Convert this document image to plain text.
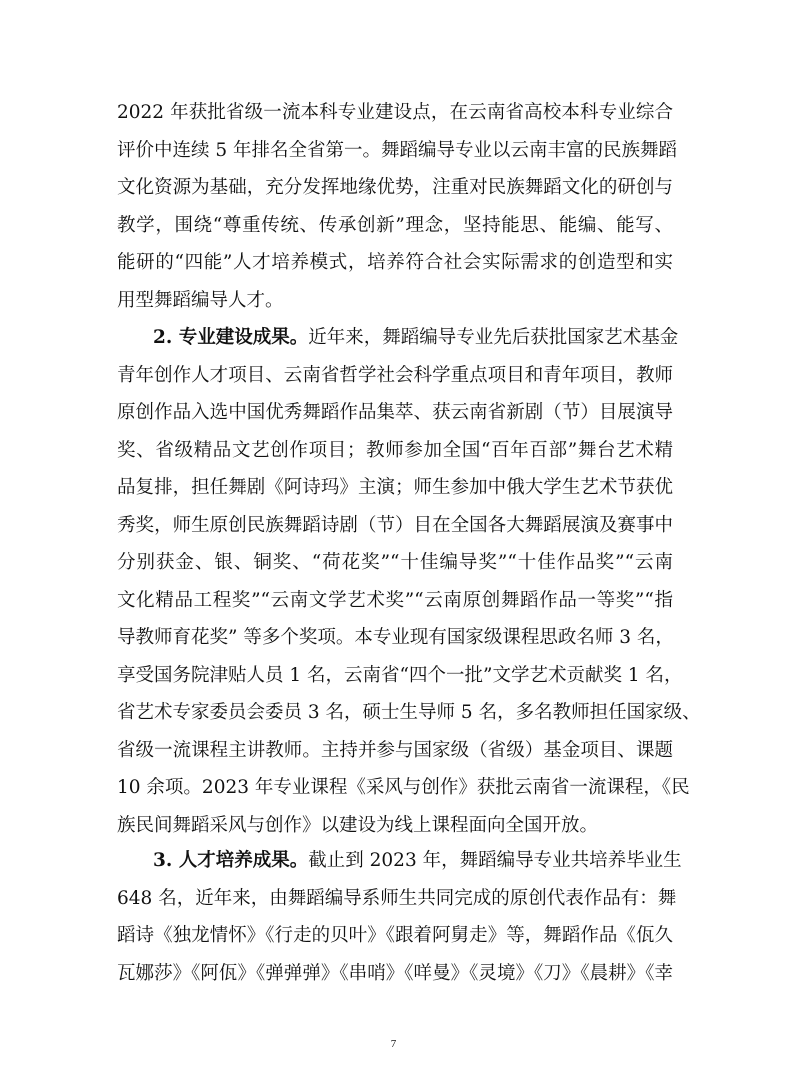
2022 年获批省级一流本科专业建设点，在云南省高校本科专业综合
评价中连续 5 年排名全省第一。舞蹈编导专业以云南丰富的民族舞蹈
文化资源为基础，充分发挥地缘优势，注重对民族舞蹈文化的研创与
教学，围绕“尊重传统、传承创新”理念，坚持能思、能编、能写、
能研的“四能”人才培养模式，培养符合社会实际需求的创造型和实
用型舞蹈编导人才。
2. 专业建设成果。近年来，舞蹈编导专业先后获批国家艺术基金
青年创作人才项目、云南省哲学社会科学重点项目和青年项目，教师
原创作品入选中国优秀舞蹈作品集萃、获云南省新剧（节）目展演导
奖、省级精品文艺创作项目；教师参加全国“百年百部”舞台艺术精
品复排，担任舞剧《阿诗玛》主演；师生参加中俄大学生艺术节获优
秀奖，师生原创民族舞蹈诗剧（节）目在全国各大舞蹈展演及赛事中
分别获金、银、铜奖、“荷花奖”“十佳编导奖”“十佳作品奖”“云南
文化精品工程奖”“云南文学艺术奖”“云南原创舞蹈作品一等奖”“指
导教师育花奖” 等多个奖项。本专业现有国家级课程思政名师 3 名，
享受国务院津贴人员 1 名，云南省“四个一批”文学艺术贡献奖 1 名，
省艺术专家委员会委员 3 名，硕士生导师 5 名，多名教师担任国家级、
省级一流课程主讲教师。主持并参与国家级（省级）基金项目、课题
10 余项。2023 年专业课程《采风与创作》获批云南省一流课程，《民
族民间舞蹈采风与创作》以建设为线上课程面向全国开放。
3. 人才培养成果。截止到 2023 年，舞蹈编导专业共培养毕业生
648 名，近年来，由舞蹈编导系师生共同完成的原创代表作品有：舞
蹈诗《独龙情怀》《行走的贝叶》《跟着阿舅走》等，舞蹈作品《佤久
瓦娜莎》《阿佤》《弹弹弹》《串哨》《咩曼》《灵境》《刀》《晨耕》《幸
7
